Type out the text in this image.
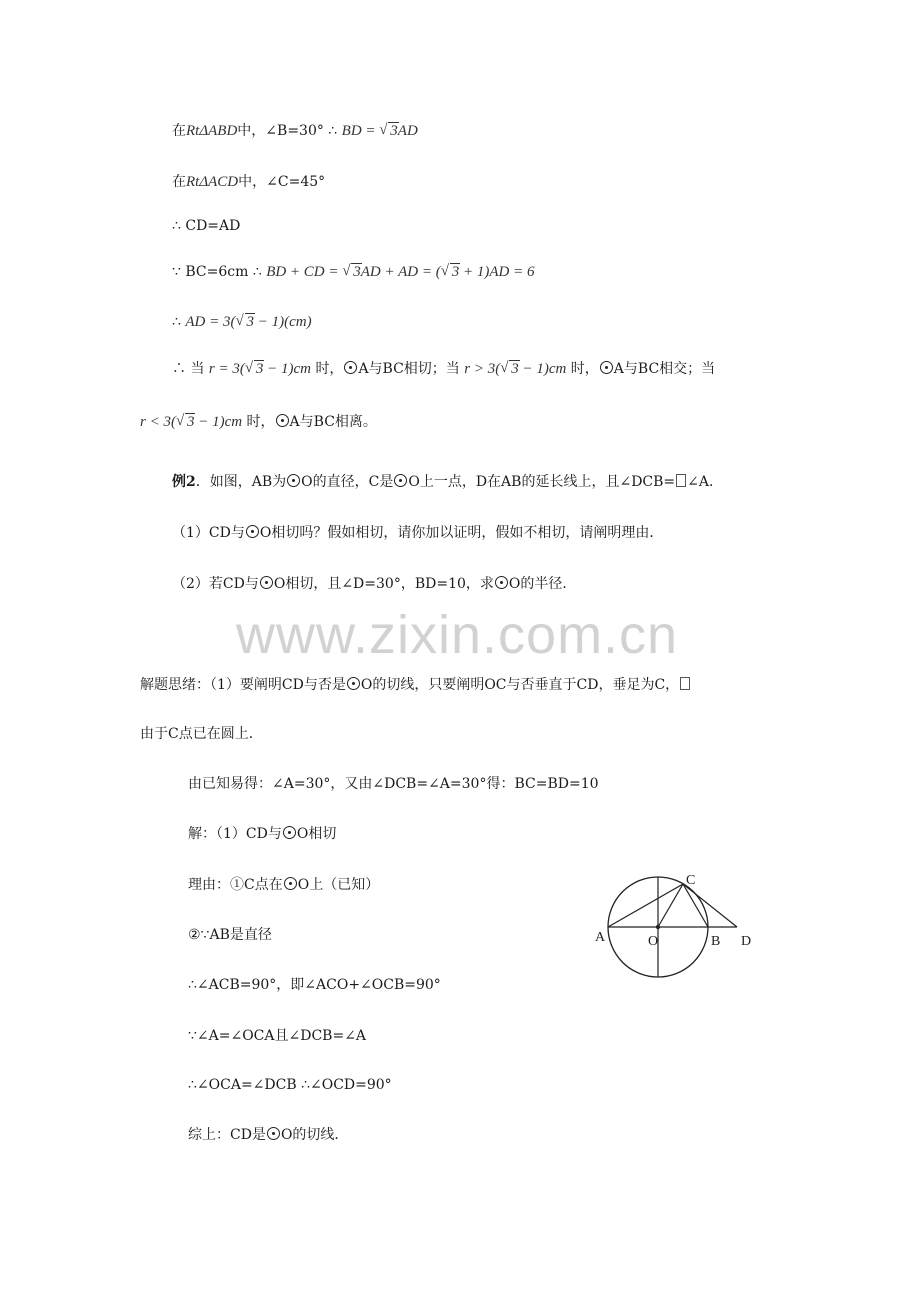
在RtΔABD中，∠B=30° ∴ BD = √ 3AD
在RtΔACD中，∠C=45°
∴ CD=AD
∵ BC=6cm ∴ BD + CD = √ 3AD + AD = ( √ 3 + 1)AD = 6
∴ AD = 3( √ 3 − 1)(cm)
∴ 当 r = 3( √ 3 − 1)cm 时， A与BC相切；当 r > 3( √ 3 − 1)cm 时， A与BC相交；当
r < 3( √ 3 − 1)cm 时， A与BC相离。
例2．如图，AB为 O的直径，C是 O上一点，D在AB的延长线上，且∠DCB= ∠A．
（1）CD与 O相切吗？假如相切，请你加以证明，假如不相切，请阐明理由．
（2）若CD与 O相切，且∠D=30°，BD=10，求 O的半径．
www.zixin.com.cn
解题思绪：（1）要阐明CD与否是 O的切线，只要阐明OC与否垂直于CD，垂足为C，
由于C点已在圆上．
由已知易得：∠A=30°，又由∠DCB=∠A=30°得：BC=BD=10
解：（1）CD与 O相切
理由：①C点在 O上（已知）
②∵AB是直径
∴∠ACB=90°，即∠ACO+∠OCB=90°
∵∠A=∠OCA且∠DCB=∠A
∴∠OCA=∠DCB ∴∠OCD=90°
综上：CD是 O的切线．
A	O	B
C
D
